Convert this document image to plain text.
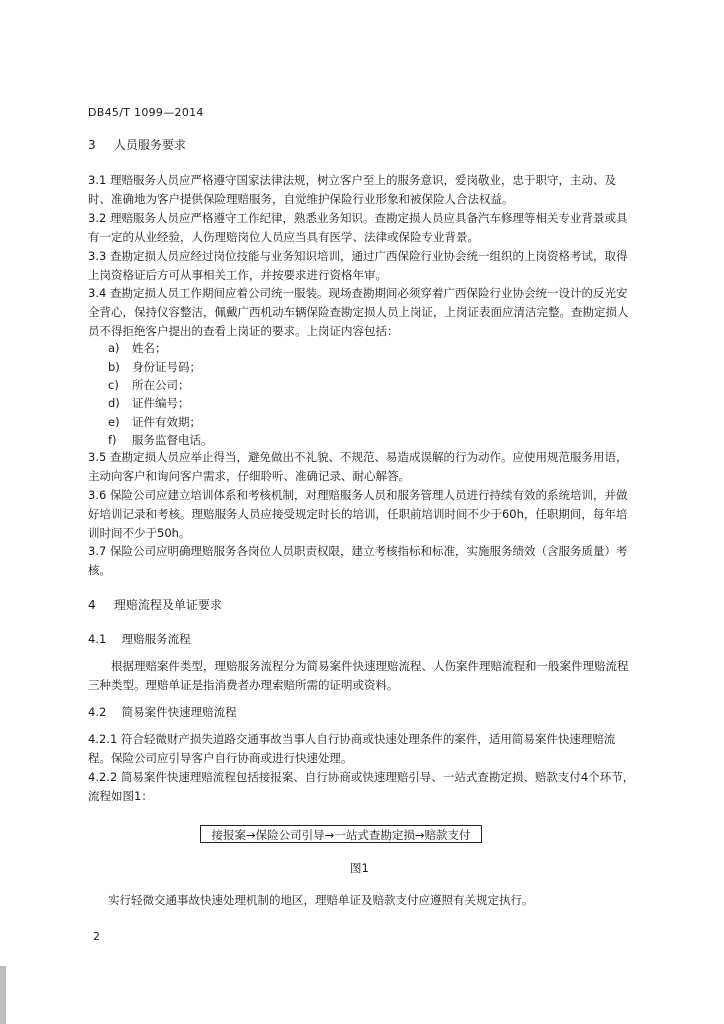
DB45/T 1099—2014
3 人员服务要求

3.1 理赔服务人员应严格遵守国家法律法规，树立客户至上的服务意识，爱岗敬业，忠于职守，主动、及时、准确地为客户提供保险理赔服务，自觉维护保险行业形象和被保险人合法权益。

3.2 理赔服务人员应严格遵守工作纪律，熟悉业务知识。查勘定损人员应具备汽车修理等相关专业背景或具有一定的从业经验，人伤理赔岗位人员应当具有医学、法律或保险专业背景。

3.3 查勘定损人员应经过岗位技能与业务知识培训，通过广西保险行业协会统一组织的上岗资格考试，取得上岗资格证后方可从事相关工作，并按要求进行资格年审。

3.4 查勘定损人员工作期间应着公司统一服装。现场查勘期间必须穿着广西保险行业协会统一设计的反光安全背心，保持仪容整洁，佩戴广西机动车辆保险查勘定损人员上岗证，上岗证表面应清洁完整。查勘定损人员不得拒绝客户提出的查看上岗证的要求。上岗证内容包括：

a) 姓名；
b) 身份证号码；
c) 所在公司；
d) 证件编号；
e) 证件有效期；
f) 服务监督电话。

3.5 查勘定损人员应举止得当，避免做出不礼貌、不规范、易造成误解的行为动作。应使用规范服务用语，主动向客户和询问客户需求，仔细聆听、准确记录、耐心解答。

3.6 保险公司应建立培训体系和考核机制，对理赔服务人员和服务管理人员进行持续有效的系统培训，并做好培训记录和考核。理赔服务人员应接受规定时长的培训，任职前培训时间不少于60h，任职期间，每年培训时间不少于50h。

3.7 保险公司应明确理赔服务各岗位人员职责权限，建立考核指标和标准，实施服务绩效（含服务质量）考核。

4 理赔流程及单证要求
4.1 理赔服务流程

根据理赔案件类型，理赔服务流程分为简易案件快速理赔流程、人伤案件理赔流程和一般案件理赔流程三种类型。理赔单证是指消费者办理索赔所需的证明或资料。

4.2 简易案件快速理赔流程

4.2.1 符合轻微财产损失道路交通事故当事人自行协商或快速处理条件的案件，适用简易案件快速理赔流程。保险公司应引导客户自行协商或进行快速处理。

4.2.2 简易案件快速理赔流程包括接报案、自行协商或快速理赔引导、一站式查勘定损、赔款支付4个环节，流程如图1：

接报案→保险公司引导→一站式查勘定损→赔款支付
图1
实行轻微交通事故快速处理机制的地区，理赔单证及赔款支付应遵照有关规定执行。
2
